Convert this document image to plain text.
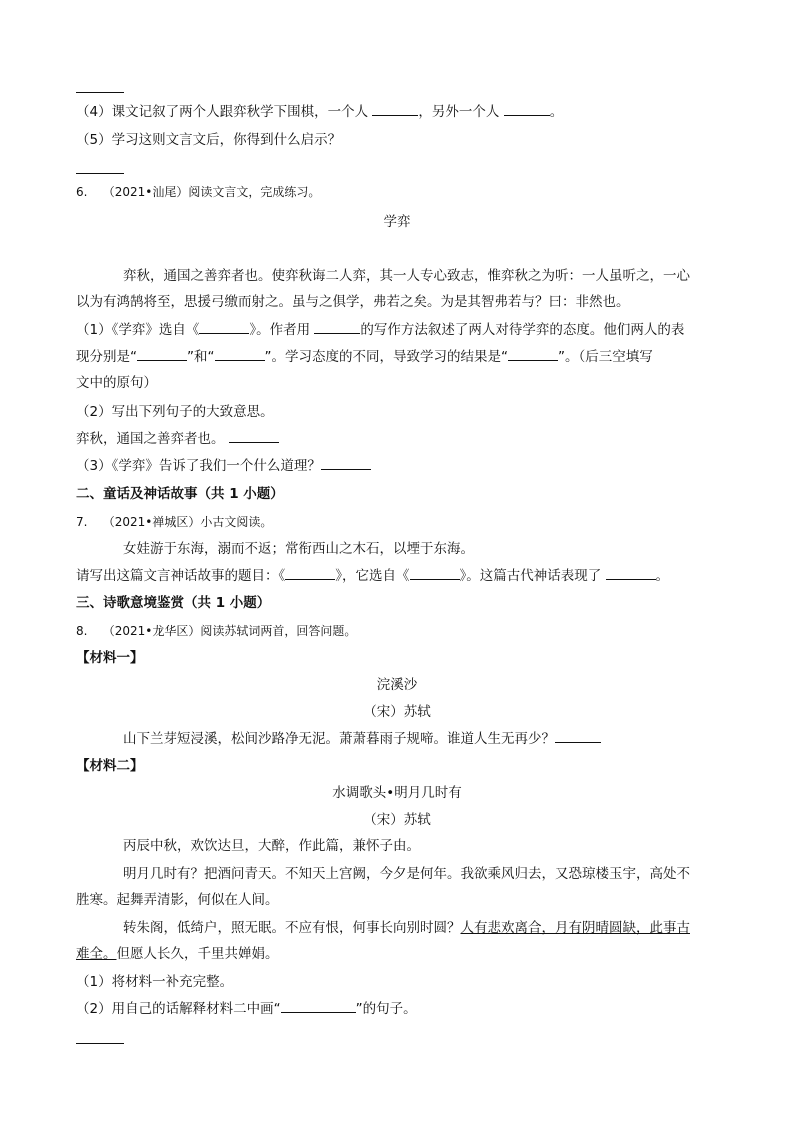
（4）课文记叙了两个人跟弈秋学下围棋，一个人	，另外一个人	。
（5）学习这则文言文后，你得到什么启示？
6. （2021•汕尾）阅读文言文，完成练习。
学弈
弈秋，通国之善弈者也。使弈秋诲二人弈，其一人专心致志，惟弈秋之为听：一人虽听之，一心
以为有鸿鹄将至，思援弓缴而射之。虽与之俱学，弗若之矣。为是其智弗若与？曰：非然也。
（1）《学弈》选自《	》。作者用	的写作方法叙述了两人对待学弈的态度。他们两人的表
现分别是“	”和“	”。学习态度的不同，导致学习的结果是“	”。（后三空填写
文中的原句）
（2）写出下列句子的大致意思。
弈秋，通国之善弈者也。
（3）《学弈》告诉了我们一个什么道理？
二、童话及神话故事（共 1 小题）
7. （2021•禅城区）小古文阅读。
女娃游于东海，溺而不返；常衔西山之木石，以堙于东海。
请写出这篇文言神话故事的题目：《	》，它选自《	》。这篇古代神话表现了	。
三、诗歌意境鉴赏（共 1 小题）
8. （2021•龙华区）阅读苏轼词两首，回答问题。
【材料一】
浣溪沙
（宋）苏轼
山下兰芽短浸溪，松间沙路净无泥。萧萧暮雨子规啼。谁道人生无再少？
【材料二】
水调歌头•明月几时有
（宋）苏轼
丙辰中秋，欢饮达旦，大醉，作此篇，兼怀子由。
明月几时有？把酒问青天。不知天上宫阙，今夕是何年。我欲乘风归去，又恐琼楼玉宇，高处不
胜寒。起舞弄清影，何似在人间。
转朱阁，低绮户，照无眠。不应有恨，何事长向别时圆？人有悲欢离合，月有阴晴圆缺，此事古
难全。但愿人长久，千里共婵娟。
（1）将材料一补充完整。
（2）用自己的话解释材料二中画“	”的句子。
